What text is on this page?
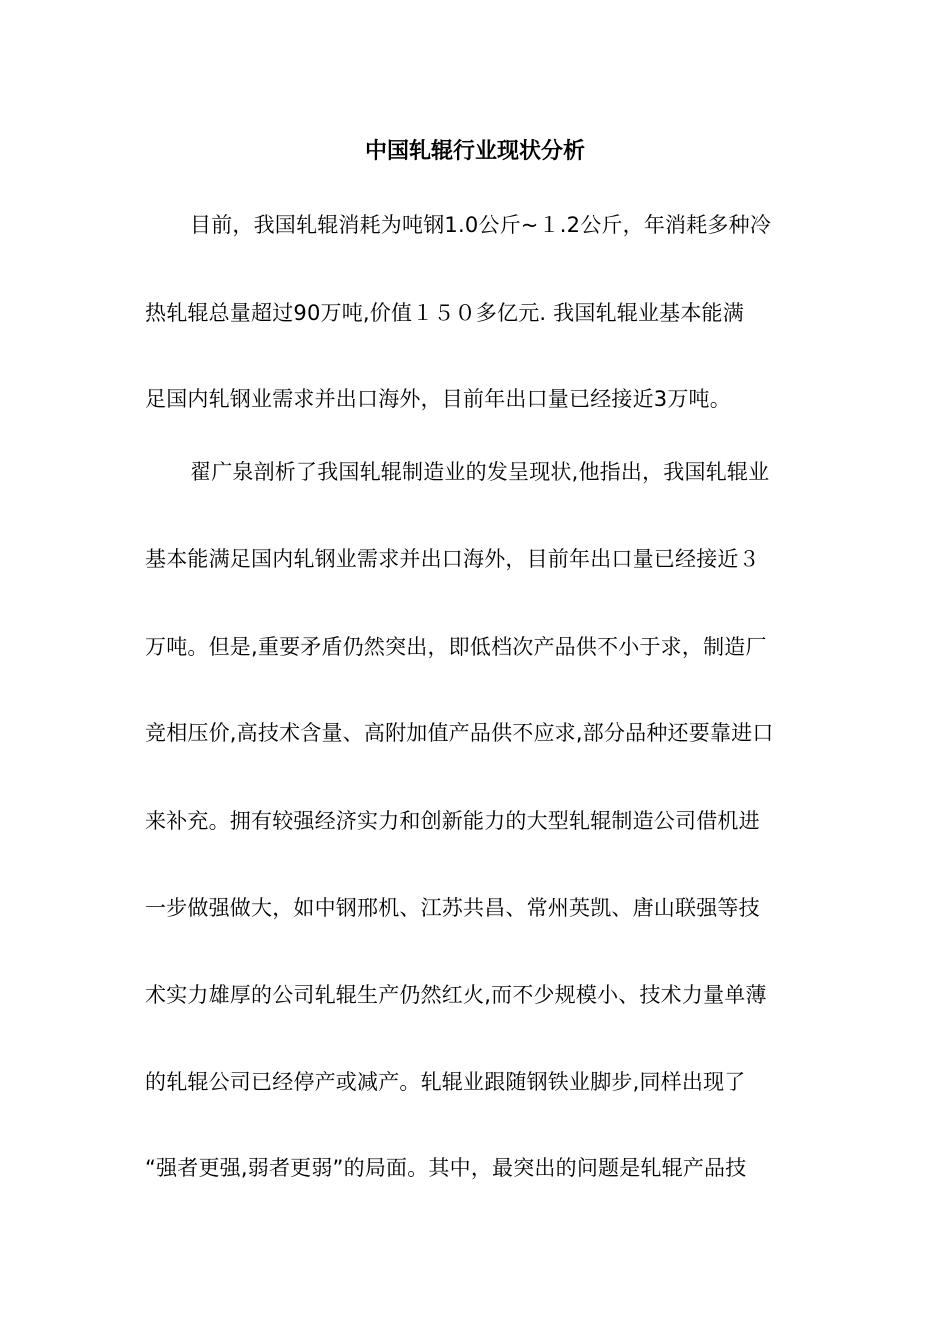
中国轧辊行业现状分析
目前，我国轧辊消耗为吨钢1.0公斤~１.2公斤，年消耗多种冷
热轧辊总量超过90万吨,价值１５０多亿元. 我国轧辊业基本能满
足国内轧钢业需求并出口海外，目前年出口量已经接近3万吨。
翟广泉剖析了我国轧辊制造业的发呈现状,他指出，我国轧辊业
基本能满足国内轧钢业需求并出口海外，目前年出口量已经接近３
万吨。但是,重要矛盾仍然突出，即低档次产品供不小于求，制造厂
竞相压价,高技术含量、高附加值产品供不应求,部分品种还要靠进口
来补充。拥有较强经济实力和创新能力的大型轧辊制造公司借机进
一步做强做大，如中钢邢机、江苏共昌、常州英凯、唐山联强等技
术实力雄厚的公司轧辊生产仍然红火,而不少规模小、技术力量单薄
的轧辊公司已经停产或减产。轧辊业跟随钢铁业脚步,同样出现了
“强者更强,弱者更弱”的局面。其中，最突出的问题是轧辊产品技
